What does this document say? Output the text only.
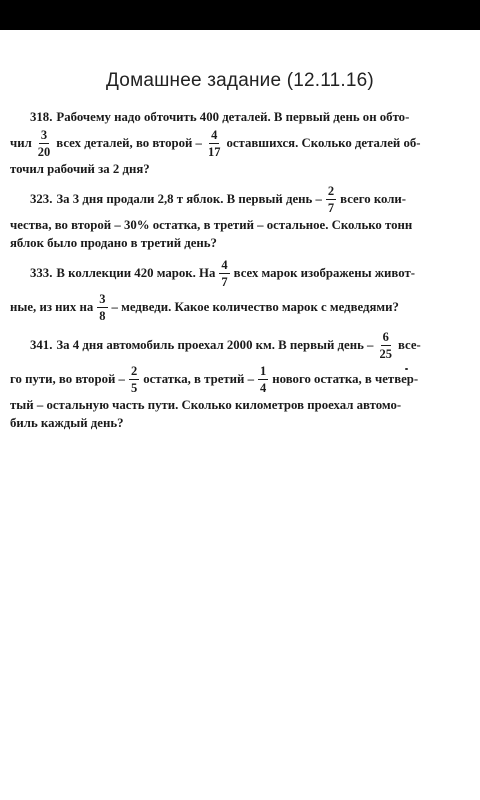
Домашнее задание (12.11.16)
318. Рабочему надо обточить 400 деталей. В первый день он обто-
чил $\frac{3}{20}$ всех деталей, во второй – $\frac{4}{17}$ оставшихся. Сколько деталей об-
точил рабочий за 2 дня?
323. За 3 дня продали 2,8 т яблок. В первый день – $\frac{2}{7}$ всего коли-
чества, во второй – 30% остатка, в третий – остальное. Сколько тонн
яблок было продано в третий день?
333. В коллекции 420 марок. На $\frac{4}{7}$ всех марок изображены живот-
ные, из них на $\frac{3}{8}$ – медведи. Какое количество марок с медведями?
341. За 4 дня автомобиль проехал 2000 км. В первый день – $\frac{6}{25} все-$
го пути, во второй – $\frac{2}{5}$ остатка, в третий – $\frac{1}{4}$ нового остатка, в четвер-
тый – остальную часть пути. Сколько километров проехал автомо-
биль каждый день?
